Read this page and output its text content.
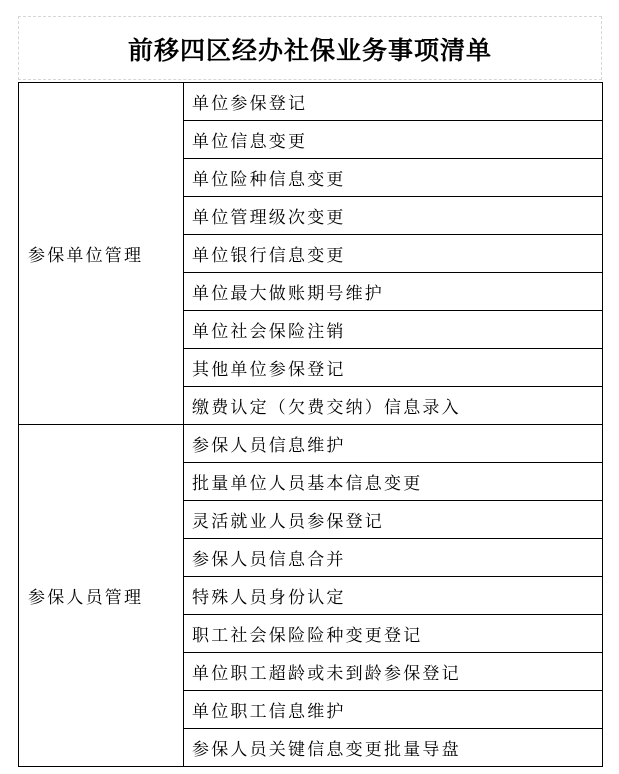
前移四区经办社保业务事项清单
参保单位管理	单位参保登记
	单位信息变更
	单位险种信息变更
	单位管理级次变更
	单位银行信息变更
	单位最大做账期号维护
	单位社会保险注销
	其他单位参保登记
	缴费认定（欠费交纳）信息录入
参保人员管理	参保人员信息维护
	批量单位人员基本信息变更
	灵活就业人员参保登记
	参保人员信息合并
	特殊人员身份认定
	职工社会保险险种变更登记
	单位职工超龄或未到龄参保登记
	单位职工信息维护
	参保人员关键信息变更批量导盘
